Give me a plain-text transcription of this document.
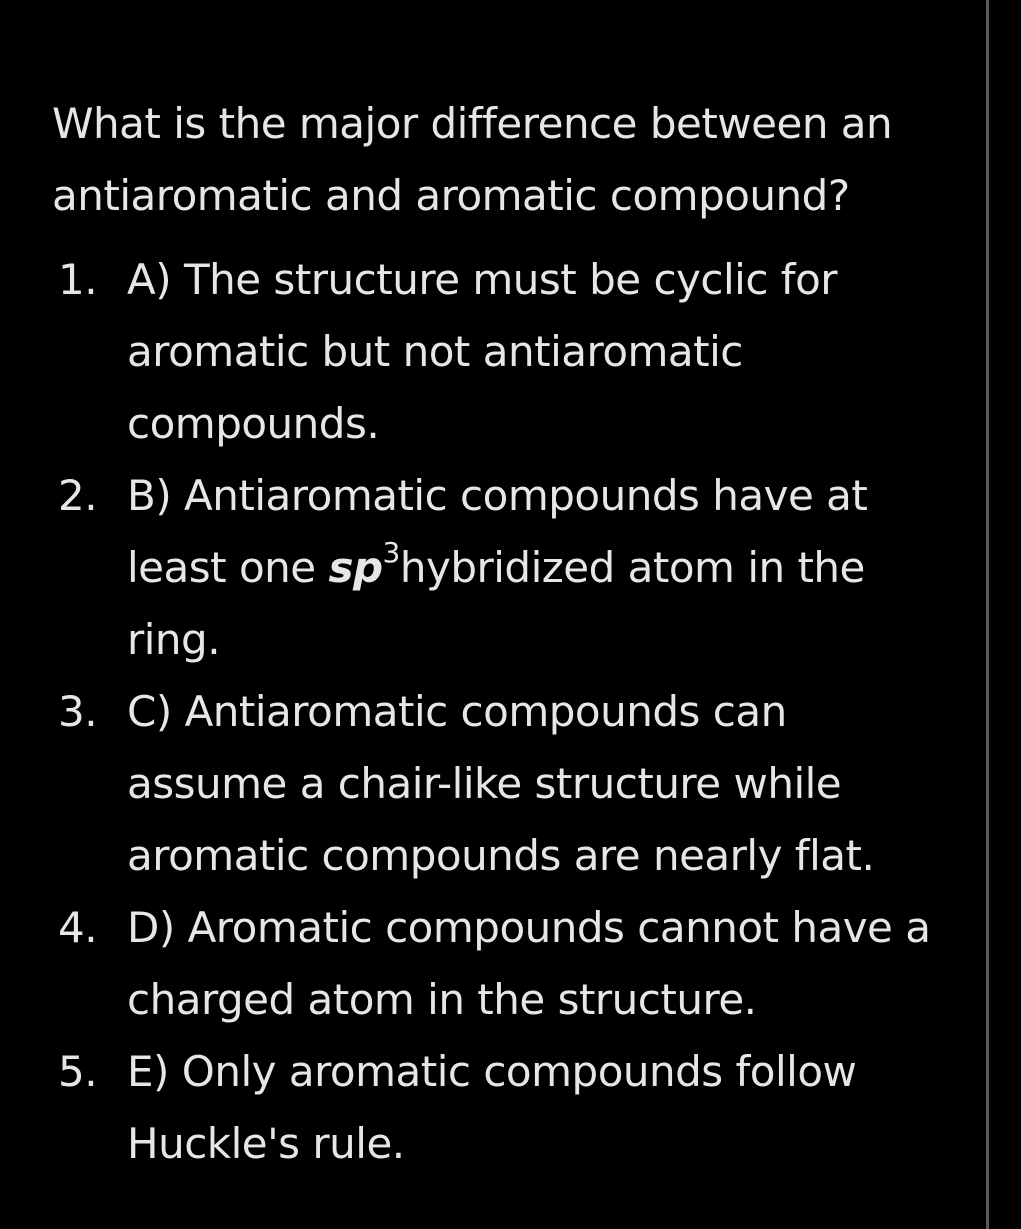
What is the major difference between an antiaromatic and aromatic compound?

1. A) The structure must be cyclic for aromatic but not antiaromatic compounds.
2. B) Antiaromatic compounds have at least one $sp^3hybridized$ atom in the ring.
3. C) Antiaromatic compounds can assume a chair-like structure while aromatic compounds are nearly flat.
4. D) Aromatic compounds cannot have a charged atom in the structure.
5. E) Only aromatic compounds follow Huckle's rule.
